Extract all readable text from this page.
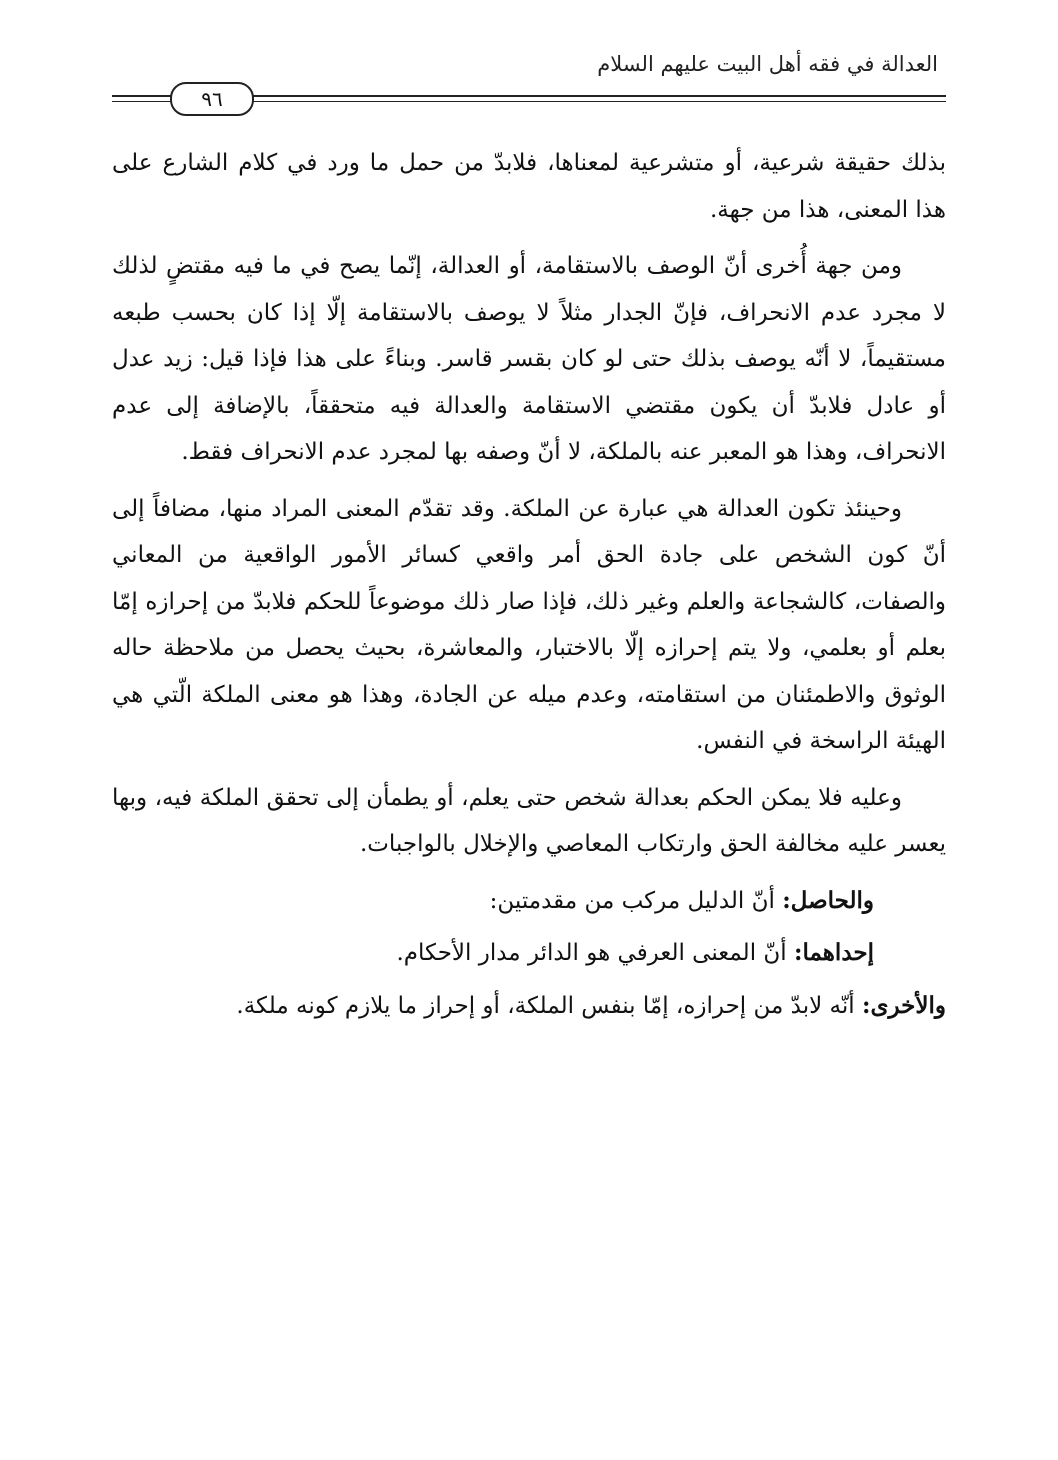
العدالة في فقه أهل البيت عليهم السلام
٩٦

بذلك حقيقة شرعية، أو متشرعية لمعناها، فلابدّ من حمل ما ورد في كلام الشارع على هذا المعنى، هذا من جهة.

ومن جهة أُخرى أنّ الوصف بالاستقامة، أو العدالة، إنّما يصح في ما فيه مقتضٍ لذلك لا مجرد عدم الانحراف، فإنّ الجدار مثلاً لا يوصف بالاستقامة إلّا إذا كان بحسب طبعه مستقيماً، لا أنّه يوصف بذلك حتى لو كان بقسر قاسر. وبناءً على هذا فإذا قيل: زيد عدل أو عادل فلابدّ أن يكون مقتضي الاستقامة والعدالة فيه متحققاً، بالإضافة إلى عدم الانحراف، وهذا هو المعبر عنه بالملكة، لا أنّ وصفه بها لمجرد عدم الانحراف فقط.

وحينئذ تكون العدالة هي عبارة عن الملكة. وقد تقدّم المعنى المراد منها، مضافاً إلى أنّ كون الشخص على جادة الحق أمر واقعي كسائر الأمور الواقعية من المعاني والصفات، كالشجاعة والعلم وغير ذلك، فإذا صار ذلك موضوعاً للحكم فلابدّ من إحرازه إمّا بعلم أو بعلمي، ولا يتم إحرازه إلّا بالاختبار، والمعاشرة، بحيث يحصل من ملاحظة حاله الوثوق والاطمئنان من استقامته، وعدم ميله عن الجادة، وهذا هو معنى الملكة الّتي هي الهيئة الراسخة في النفس.

وعليه فلا يمكن الحكم بعدالة شخص حتى يعلم، أو يطمأن إلى تحقق الملكة فيه، وبها يعسر عليه مخالفة الحق وارتكاب المعاصي والإخلال بالواجبات.

والحاصل: أنّ الدليل مركب من مقدمتين:

إحداهما: أنّ المعنى العرفي هو الدائر مدار الأحكام.

والأخرى: أنّه لابدّ من إحرازه، إمّا بنفس الملكة، أو إحراز ما يلازم كونه ملكة.
